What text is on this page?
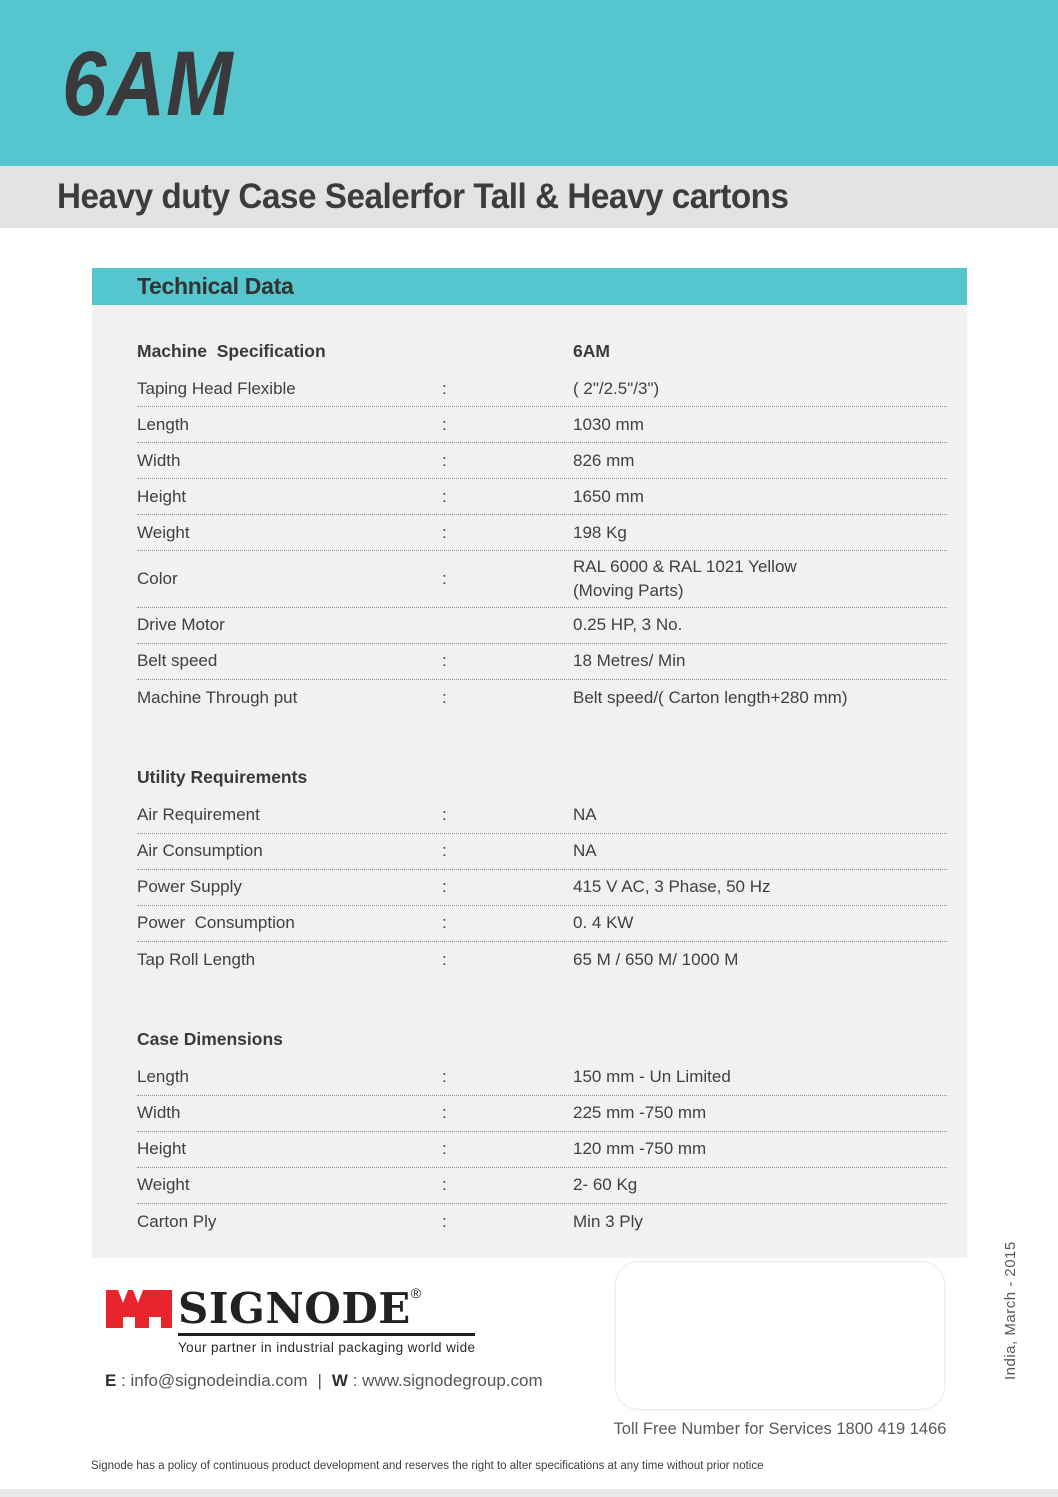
6AM
Heavy duty Case Sealerfor Tall & Heavy cartons
Technical Data
Machine  Specification	6AM
Taping Head Flexible	:	( 2"/2.5"/3")
Length	:	1030 mm
Width	:	826 mm
Height	:	1650 mm
Weight	:	198 Kg
Color	:
RAL 6000 & RAL 1021 Yellow
(Moving Parts)
Drive Motor	0.25 HP, 3 No.
Belt speed	:	18 Metres/ Min
Machine Through put	:	Belt speed/( Carton length+280 mm)
Utility Requirements
Air Requirement	:	NA
Air Consumption	:	NA
Power Supply	:	415 V AC, 3 Phase, 50 Hz
Power  Consumption	:	0. 4 KW
Tap Roll Length	:	65 M / 650 M/ 1000 M
Case Dimensions
Length	:	150 mm - Un Limited
Width	:	225 mm -750 mm
Height	:	120 mm -750 mm
Weight	:	2- 60 Kg
Carton Ply	:	Min 3 Ply
SIGNODE®
Your partner in industrial packaging world wide
E : info@signodeindia.com | W : www.signodegroup.com
Toll Free Number for Services 1800 419 1466
India, March - 2015
Signode has a policy of continuous product development and reserves the right to alter specifications at any time without prior notice
